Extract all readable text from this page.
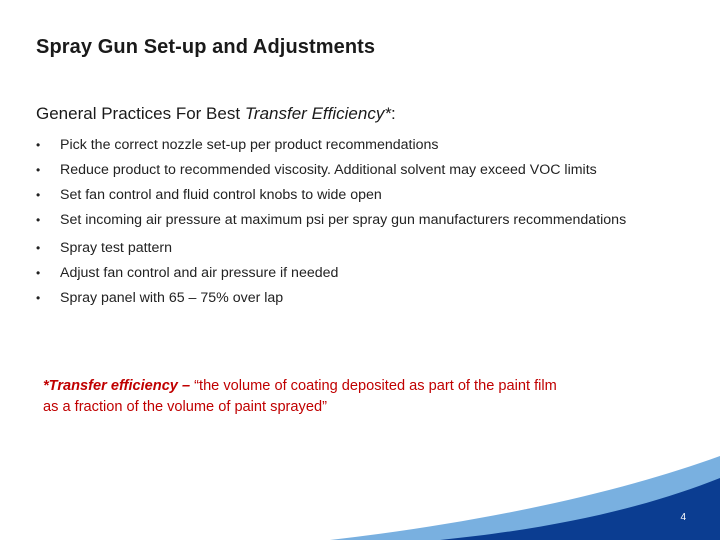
Spray Gun Set-up and Adjustments
General Practices For Best Transfer Efficiency*:
• Pick the correct nozzle set-up per product recommendations
• Reduce product to recommended viscosity. Additional solvent may exceed VOC limits
• Set fan control and fluid control knobs to wide open
• Set incoming air pressure at maximum psi per spray gun manufacturers recommendations
• Spray test pattern
• Adjust fan control and air pressure if needed
• Spray panel with 65 – 75% over lap
*Transfer efficiency – “the volume of coating deposited as part of the paint film as a fraction of the volume of paint sprayed”
4
